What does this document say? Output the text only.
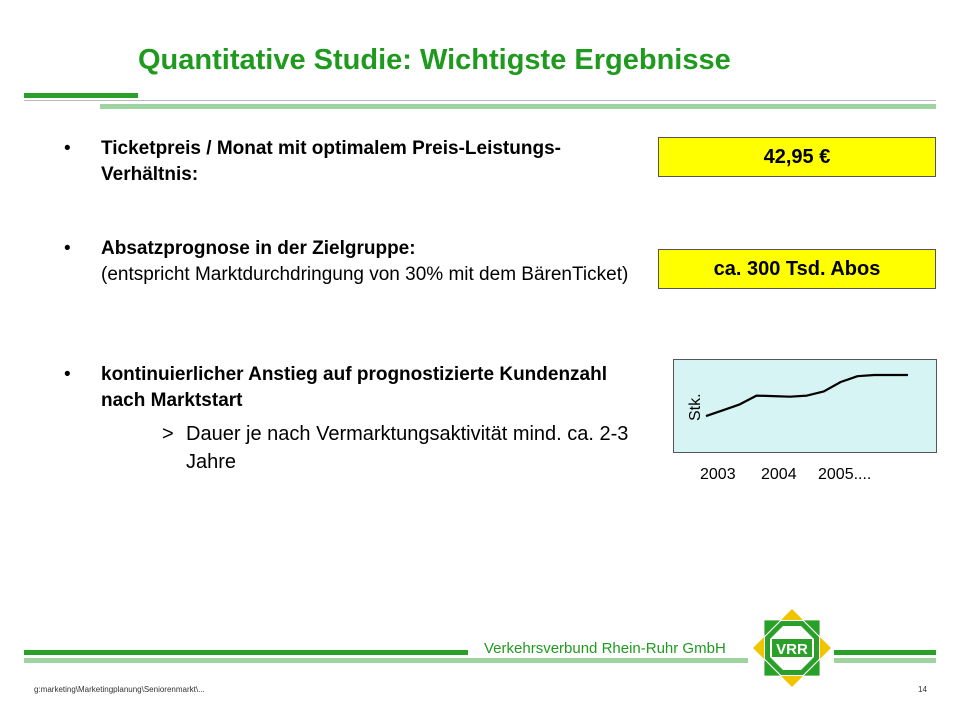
Quantitative Studie: Wichtigste Ergebnisse
• Ticketpreis / Monat mit optimalem Preis-Leistungs-Verhältnis:
• Absatzprognose in der Zielgruppe:
(entspricht Marktdurchdringung von 30% mit dem BärenTicket)
• kontinuierlicher Anstieg auf prognostizierte Kundenzahl nach Marktstart
> Dauer je nach Vermarktungsaktivität mind. ca. 2-3 Jahre
42,95 €
ca. 300 Tsd. Abos
Stk.
2003 2004 2005....
Verkehrsverbund Rhein-Ruhr GmbH
g:marketing\Marketingplanung\Seniorenmarkt\...	14
VRR
